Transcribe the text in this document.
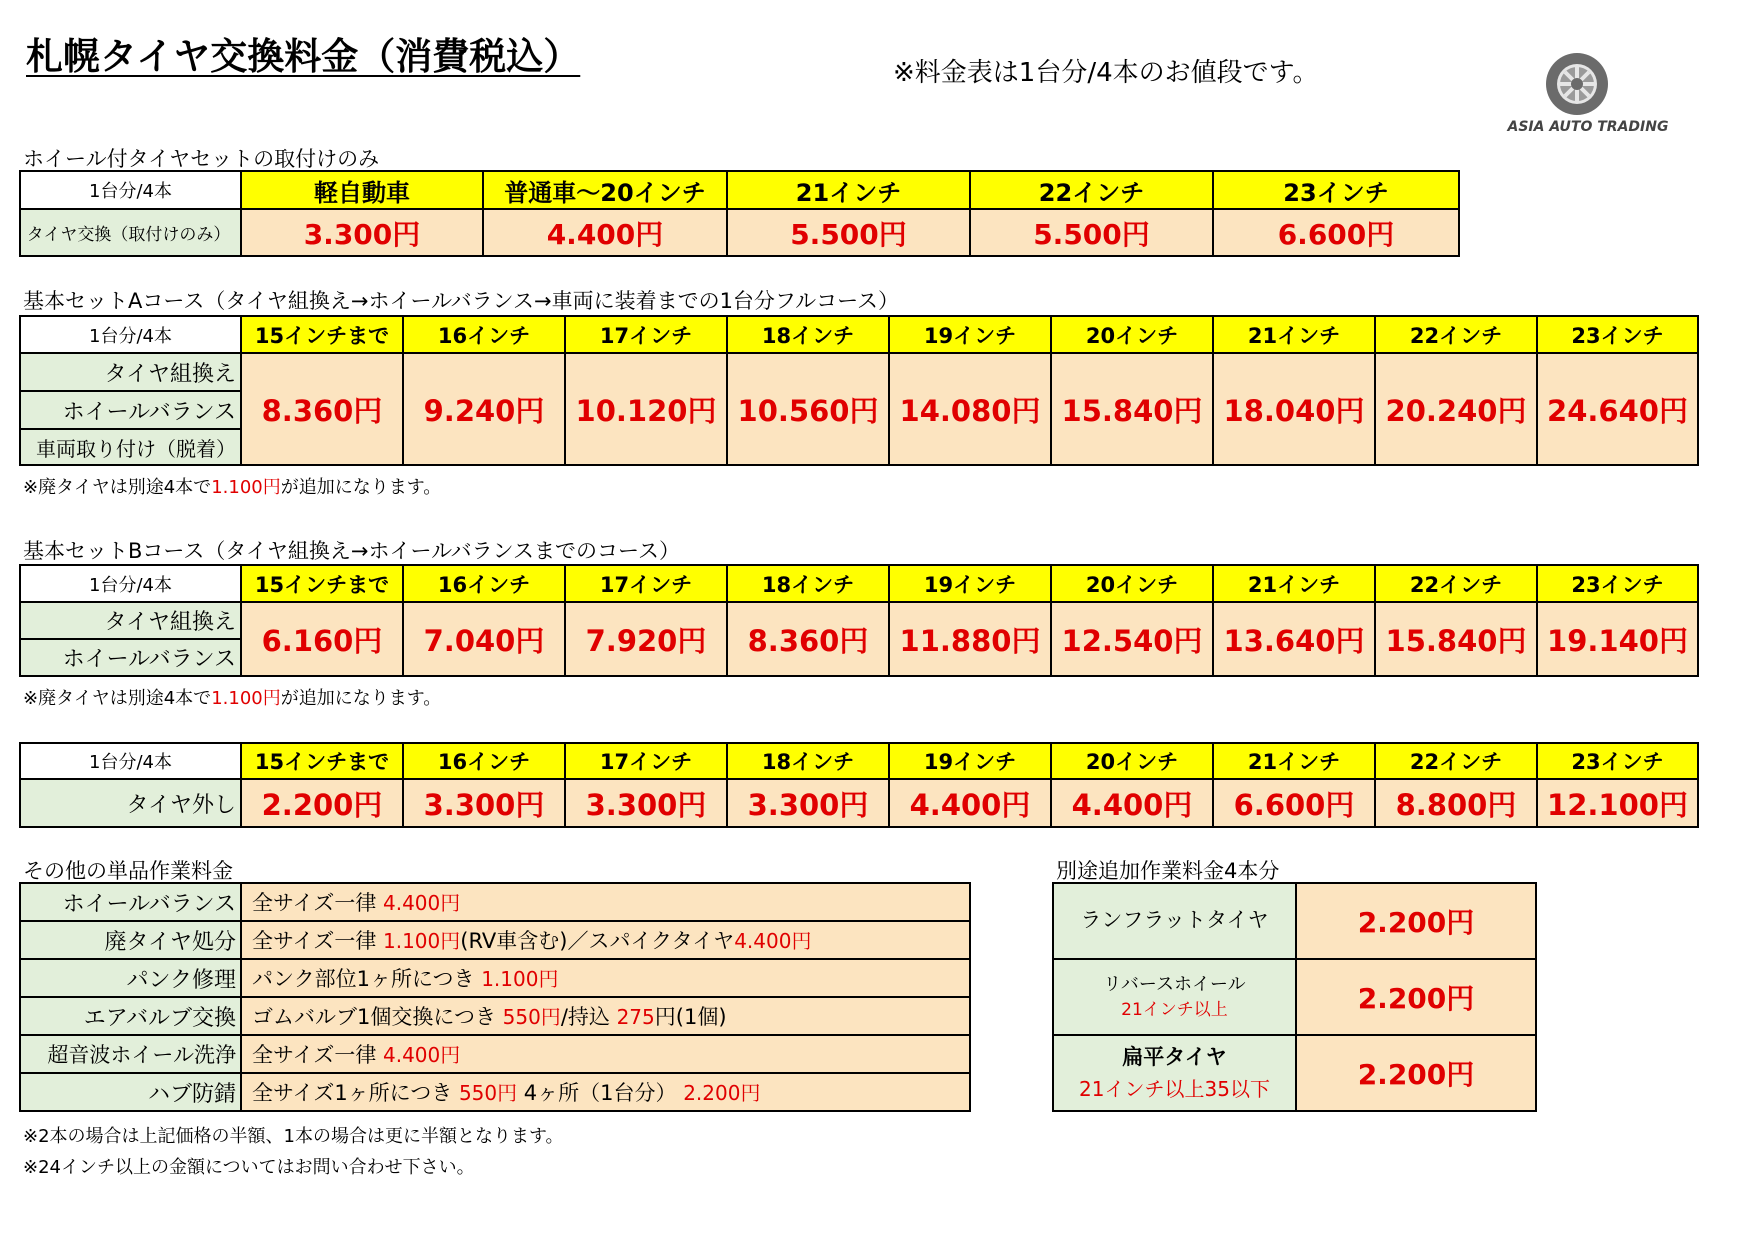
札幌タイヤ交換料金（消費税込）	※料金表は1台分/4本のお値段です。
ASIA AUTO TRADING
ホイール付タイヤセットの取付けのみ
1台分/4本	軽自動車	普通車～20インチ	21インチ	22インチ	23インチ
タイヤ交換（取付けのみ）	3.300円	4.400円	5.500円	5.500円	6.600円
基本セットAコース（タイヤ組換え→ホイールバランス→車両に装着までの1台分フルコース）
1台分/4本	15インチまで	16インチ	17インチ	18インチ	19インチ	20インチ	21インチ	22インチ	23インチ
タイヤ組換え	8.360円	9.240円	10.120円	10.560円	14.080円	15.840円	18.040円	20.240円	24.640円
ホイールバランス									
車両取り付け（脱着）									
※廃タイヤは別途4本で1.100円が追加になります。
基本セットBコース（タイヤ組換え→ホイールバランスまでのコース）
1台分/4本	15インチまで	16インチ	17インチ	18インチ	19インチ	20インチ	21インチ	22インチ	23インチ
タイヤ組換え	6.160円	7.040円	7.920円	8.360円	11.880円	12.540円	13.640円	15.840円	19.140円
ホイールバランス									
※廃タイヤは別途4本で1.100円が追加になります。
1台分/4本	15インチまで	16インチ	17インチ	18インチ	19インチ	20インチ	21インチ	22インチ	23インチ
タイヤ外し	2.200円	3.300円	3.300円	3.300円	4.400円	4.400円	6.600円	8.800円	12.100円
その他の単品作業料金
ホイールバランス	全サイズ一律 4.400円
廃タイヤ処分	全サイズ一律 1.100円(RV車含む)／スパイクタイヤ4.400円
パンク修理	パンク部位1ヶ所につき 1.100円
エアバルブ交換	ゴムバルブ1個交換につき 550円/持込 275円(1個)
超音波ホイール洗浄	全サイズ一律 4.400円
ハブ防錆	全サイズ1ヶ所につき 550円 4ヶ所（1台分） 2.200円
別途追加作業料金4本分
ランフラットタイヤ	2.200円

リバースホイール
21インチ以上	2.200円

扁平タイヤ
21インチ以上35以下	2.200円
※2本の場合は上記価格の半額、1本の場合は更に半額となります。
※24インチ以上の金額についてはお問い合わせ下さい。
